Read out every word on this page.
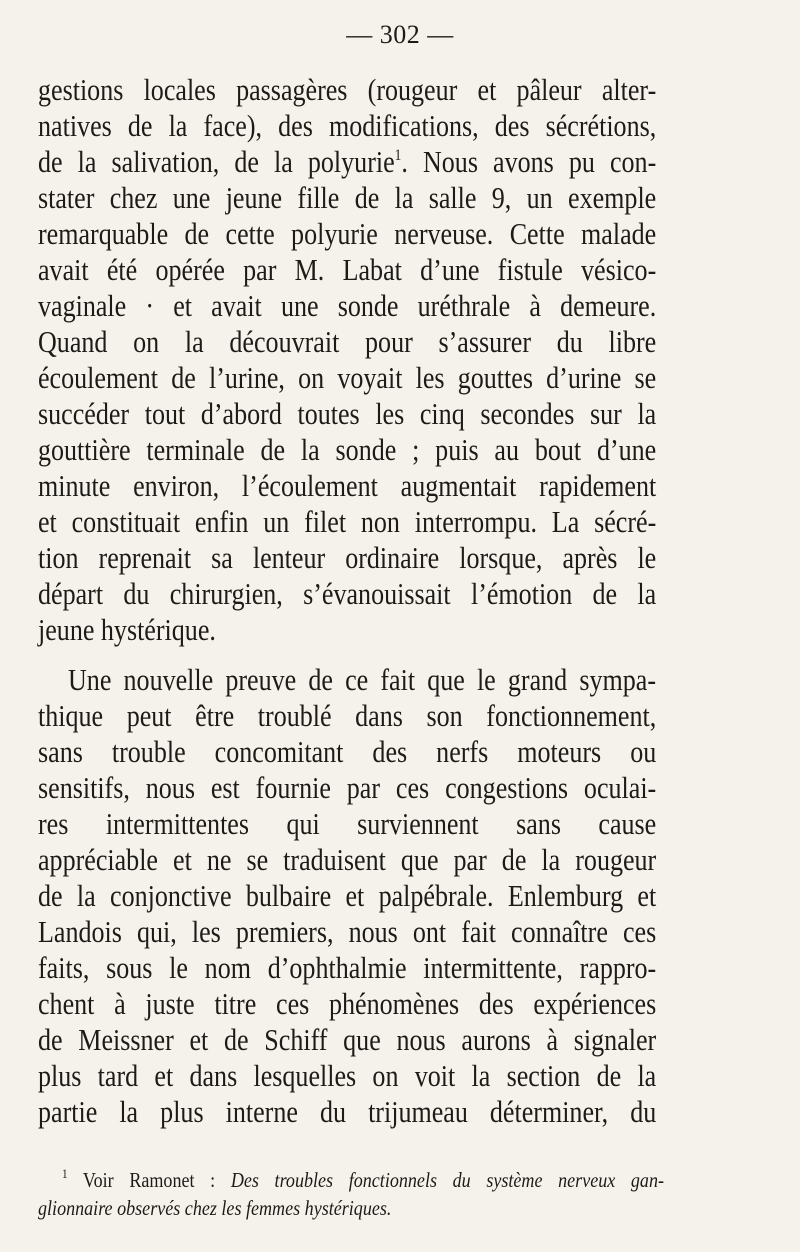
— 302 —
gestions locales passagères (rougeur et pâleur alter-
natives de la face), des modifications, des sécrétions,
de la salivation, de la polyurie$^1$. Nous avons pu con-
stater chez une jeune fille de la salle 9, un exemple
remarquable de cette polyurie nerveuse. Cette malade
avait été opérée par M. Labat d’une fistule vésico-
vaginale · et avait une sonde uréthrale à demeure.
Quand on la découvrait pour s’assurer du libre
écoulement de l’urine, on voyait les gouttes d’urine se
succéder tout d’abord toutes les cinq secondes sur la
gouttière terminale de la sonde ; puis au bout d’une
minute environ, l’écoulement augmentait rapidement
et constituait enfin un filet non interrompu. La sécré-
tion reprenait sa lenteur ordinaire lorsque, après le
départ du chirurgien, s’évanouissait l’émotion de la
jeune hystérique.
Une nouvelle preuve de ce fait que le grand sympa-
thique peut être troublé dans son fonctionnement,
sans trouble concomitant des nerfs moteurs ou
sensitifs, nous est fournie par ces congestions oculai-
res intermittentes qui surviennent sans cause
appréciable et ne se traduisent que par de la rougeur
de la conjonctive bulbaire et palpébrale. Enlemburg et
Landois qui, les premiers, nous ont fait connaître ces
faits, sous le nom d’ophthalmie intermittente, rappro-
chent à juste titre ces phénomènes des expériences
de Meissner et de Schiff que nous aurons à signaler
plus tard et dans lesquelles on voit la section de la
partie la plus interne du trijumeau déterminer, du
$^1$ Voir Ramonet : Des troubles fonctionnels du système nerveux gan-
glionnaire observés chez les femmes hystériques.
